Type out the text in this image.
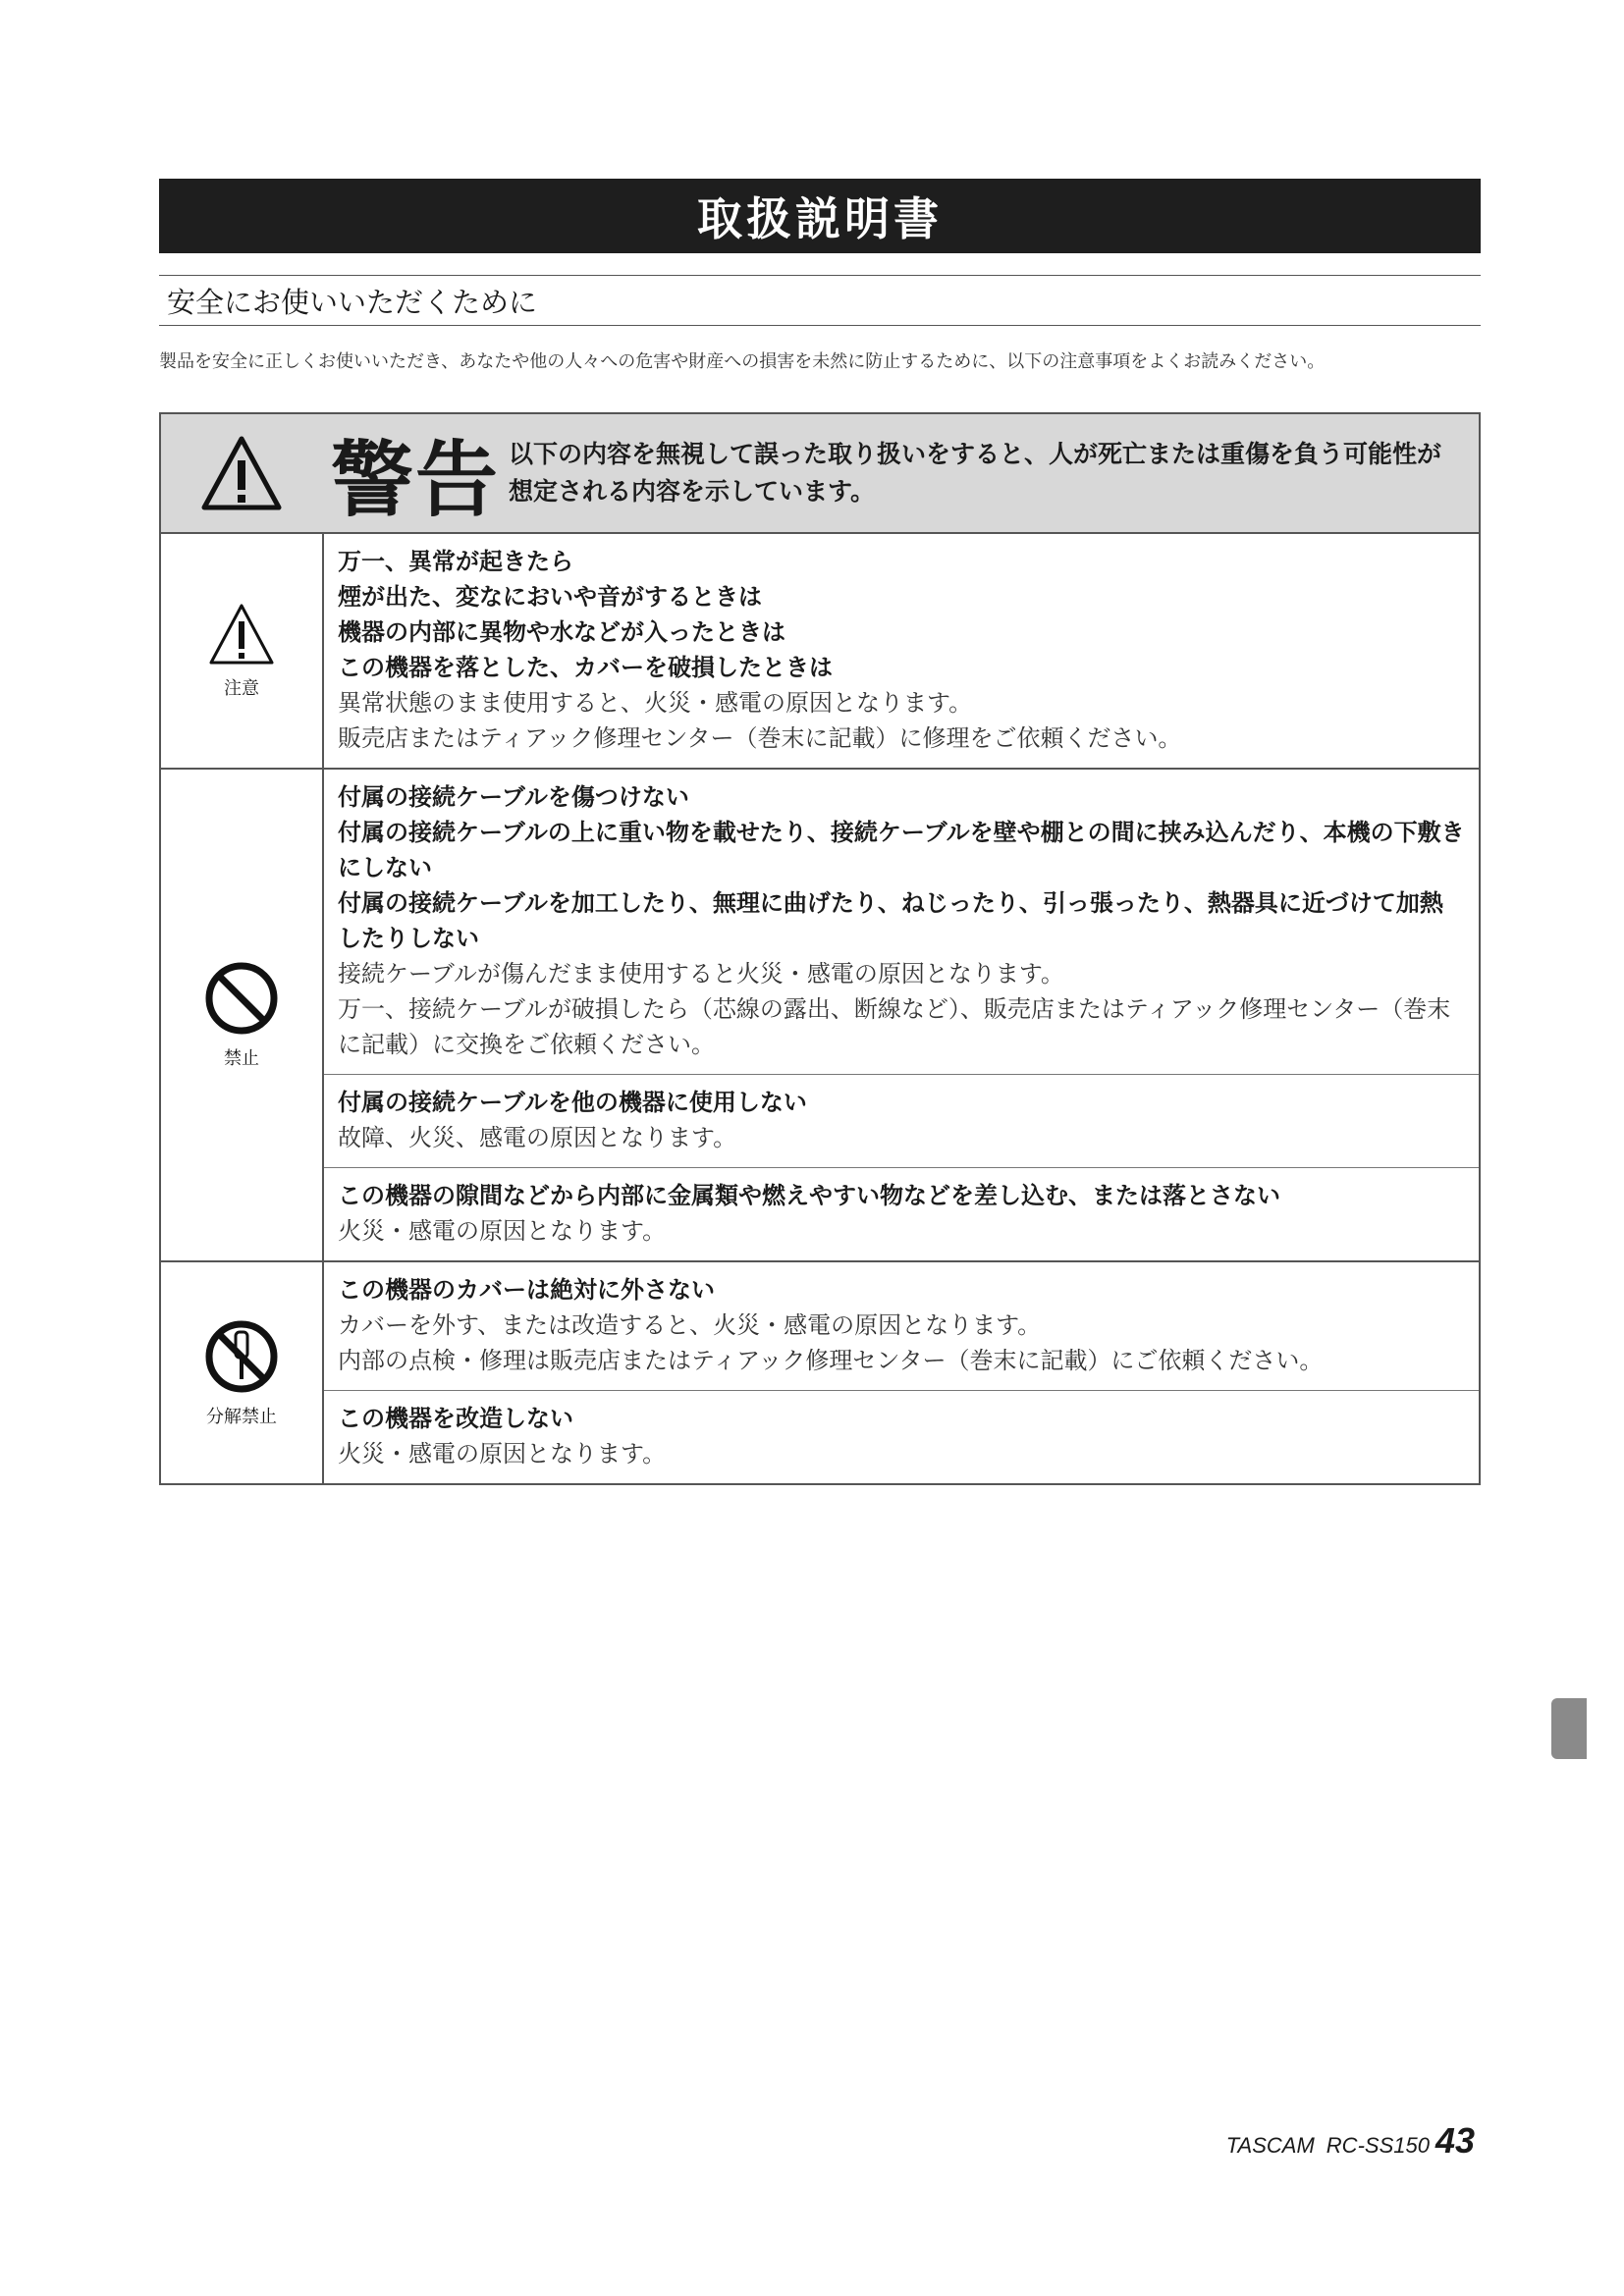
取扱説明書
安全にお使いいただくために
製品を安全に正しくお使いいただき、あなたや他の人々への危害や財産への損害を未然に防止するために、以下の注意事項をよくお読みください。
警告 以下の内容を無視して誤った取り扱いをすると、人が死亡または重傷を負う可能性が想定される内容を示しています。
注意
万一、異常が起きたら
煙が出た、変なにおいや音がするときは
機器の内部に異物や水などが入ったときは
この機器を落とした、カバーを破損したときは
異常状態のまま使用すると、火災・感電の原因となります。
販売店またはティアック修理センター（巻末に記載）に修理をご依頼ください。
禁止
付属の接続ケーブルを傷つけない
付属の接続ケーブルの上に重い物を載せたり、接続ケーブルを壁や棚との間に挟み込んだり、本機の下敷きにしない
付属の接続ケーブルを加工したり、無理に曲げたり、ねじったり、引っ張ったり、熱器具に近づけて加熱したりしない
接続ケーブルが傷んだまま使用すると火災・感電の原因となります。
万一、接続ケーブルが破損したら（芯線の露出、断線など）、販売店またはティアック修理センター（巻末に記載）に交換をご依頼ください。
付属の接続ケーブルを他の機器に使用しない
故障、火災、感電の原因となります。
この機器の隙間などから内部に金属類や燃えやすい物などを差し込む、または落とさない
火災・感電の原因となります。
分解禁止
この機器のカバーは絶対に外さない
カバーを外す、または改造すると、火災・感電の原因となります。
内部の点検・修理は販売店またはティアック修理センター（巻末に記載）にご依頼ください。
この機器を改造しない
火災・感電の原因となります。
TASCAM RC-SS150 43
